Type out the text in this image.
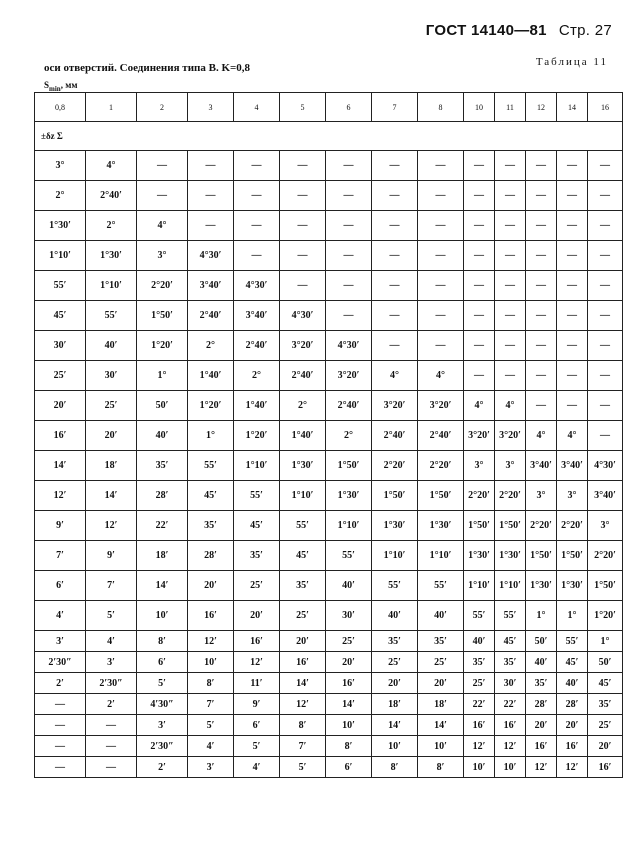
ГОСТ 14140—81 Стр. 27
оси отверстий. Соединения типа В. K=0,8	Таблица 11
$S_{min}$, мм
0,8	1	2	3	4	5	6	7	8	10	11	12	14	16
±δz Σ													
3°	4°	—	—	—	—	—	—	—	—	—	—	—	—
2°	2°40′	—	—	—	—	—	—	—	—	—	—	—	—
1°30′	2°	4°	—	—	—	—	—	—	—	—	—	—	—
1°10′	1°30′	3°	4°30′	—	—	—	—	—	—	—	—	—	—
55′	1°10′	2°20′	3°40′	4°30′	—	—	—	—	—	—	—	—	—
45′	55′	1°50′	2°40′	3°40′	4°30′	—	—	—	—	—	—	—	—
30′	40′	1°20′	2°	2°40′	3°20′	4°30′	—	—	—	—	—	—	—
25′	30′	1°	1°40′	2°	2°40′	3°20′	4°	4°	—	—	—	—	—
20′	25′	50′	1°20′	1°40′	2°	2°40′	3°20′	3°20′	4°	4°	—	—	—
16′	20′	40′	1°	1°20′	1°40′	2°	2°40′	2°40′	3°20′	3°20′	4°	4°	—
14′	18′	35′	55′	1°10′	1°30′	1°50′	2°20′	2°20′	3°	3°	3°40′	3°40′	4°30′
12′	14′	28′	45′	55′	1°10′	1°30′	1°50′	1°50′	2°20′	2°20′	3°	3°	3°40′
9′	12′	22′	35′	45′	55′	1°10′	1°30′	1°30′	1°50′	1°50′	2°20′	2°20′	3°
7′	9′	18′	28′	35′	45′	55′	1°10′	1°10′	1°30′	1°30′	1°50′	1°50′	2°20′
6′	7′	14′	20′	25′	35′	40′	55′	55′	1°10′	1°10′	1°30′	1°30′	1°50′
4′	5′	10′	16′	20′	25′	30′	40′	40′	55′	55′	1°	1°	1°20′
3′	4′	8′	12′	16′	20′	25′	35′	35′	40′	45′	50′	55′	1°
2′30″	3′	6′	10′	12′	16′	20′	25′	25′	35′	35′	40′	45′	50′
2′	2′30″	5′	8′	11′	14′	16′	20′	20′	25′	30′	35′	40′	45′
—	2′	4′30″	7′	9′	12′	14′	18′	18′	22′	22′	28′	28′	35′
—	—	3′	5′	6′	8′	10′	14′	14′	16′	16′	20′	20′	25′
—	—	2′30″	4′	5′	7′	8′	10′	10′	12′	12′	16′	16′	20′
—	—	2′	3′	4′	5′	6′	8′	8′	10′	10′	12′	12′	16′
